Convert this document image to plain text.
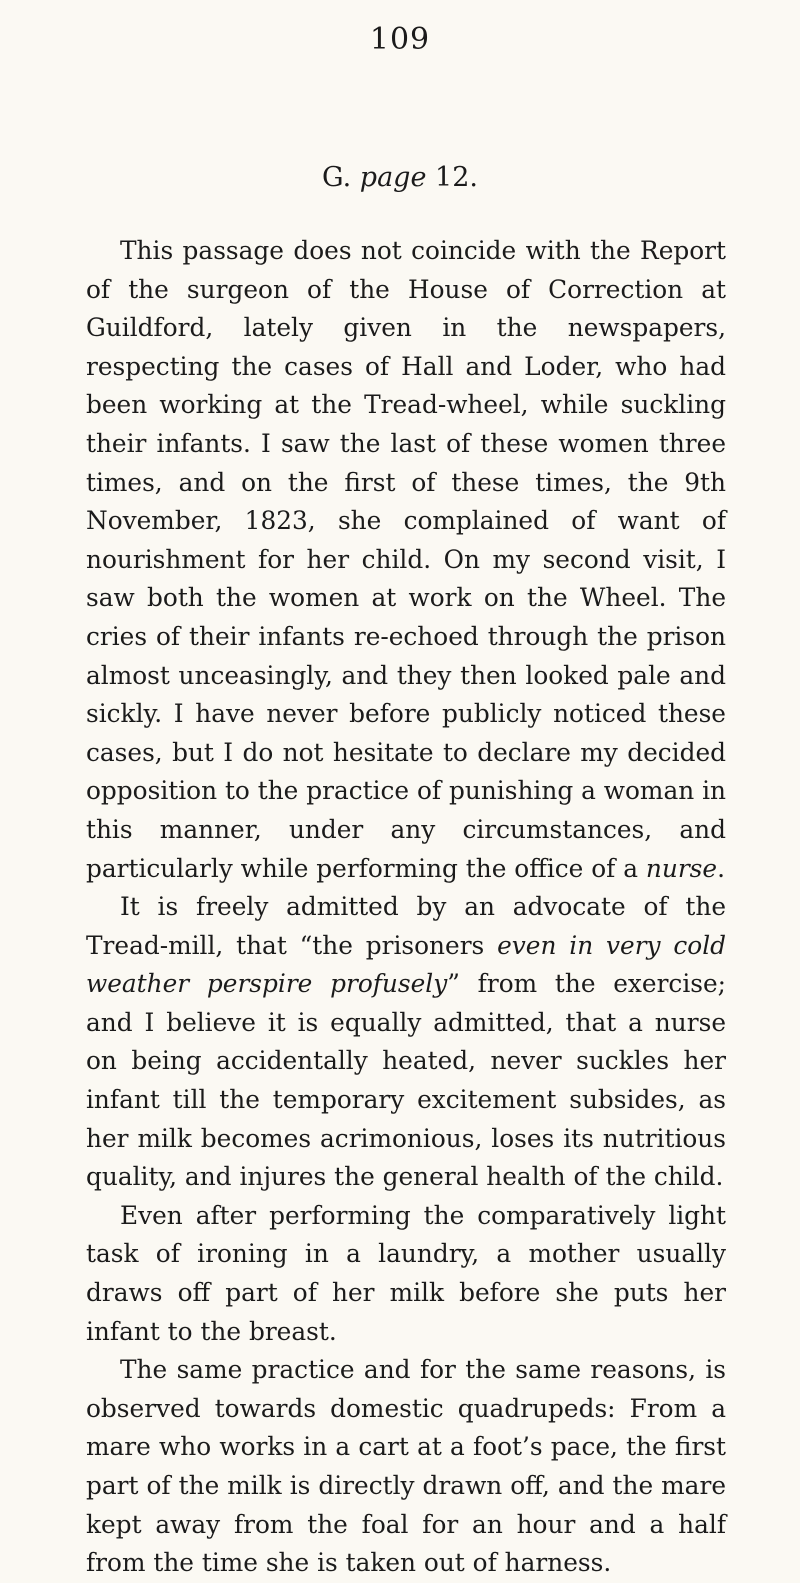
109
G. page 12.

This passage does not coincide with the Report of the surgeon of the House of Correction at Guildford, lately given in the newspapers, respecting the cases of Hall and Loder, who had been working at the Tread-wheel, while suckling their infants. I saw the last of these women three times, and on the first of these times, the 9th November, 1823, she complained of want of nourishment for her child. On my second visit, I saw both the women at work on the Wheel. The cries of their infants re-echoed through the prison almost unceasingly, and they then looked pale and sickly. I have never before publicly noticed these cases, but I do not hesitate to declare my decided opposition to the practice of punishing a woman in this manner, under any circumstances, and particularly while performing the office of a nurse.

It is freely admitted by an advocate of the Tread-mill, that “the prisoners even in very cold weather perspire profusely” from the exercise; and I believe it is equally admitted, that a nurse on being accidentally heated, never suckles her infant till the temporary excitement subsides, as her milk becomes acrimonious, loses its nutritious quality, and injures the general health of the child.

Even after performing the comparatively light task of ironing in a laundry, a mother usually draws off part of her milk before she puts her infant to the breast.

The same practice and for the same reasons, is observed towards domestic quadrupeds: From a mare who works in a cart at a foot’s pace, the first part of the milk is directly drawn off, and the mare kept away from the foal for an hour and a half from the time she is taken out of harness.
